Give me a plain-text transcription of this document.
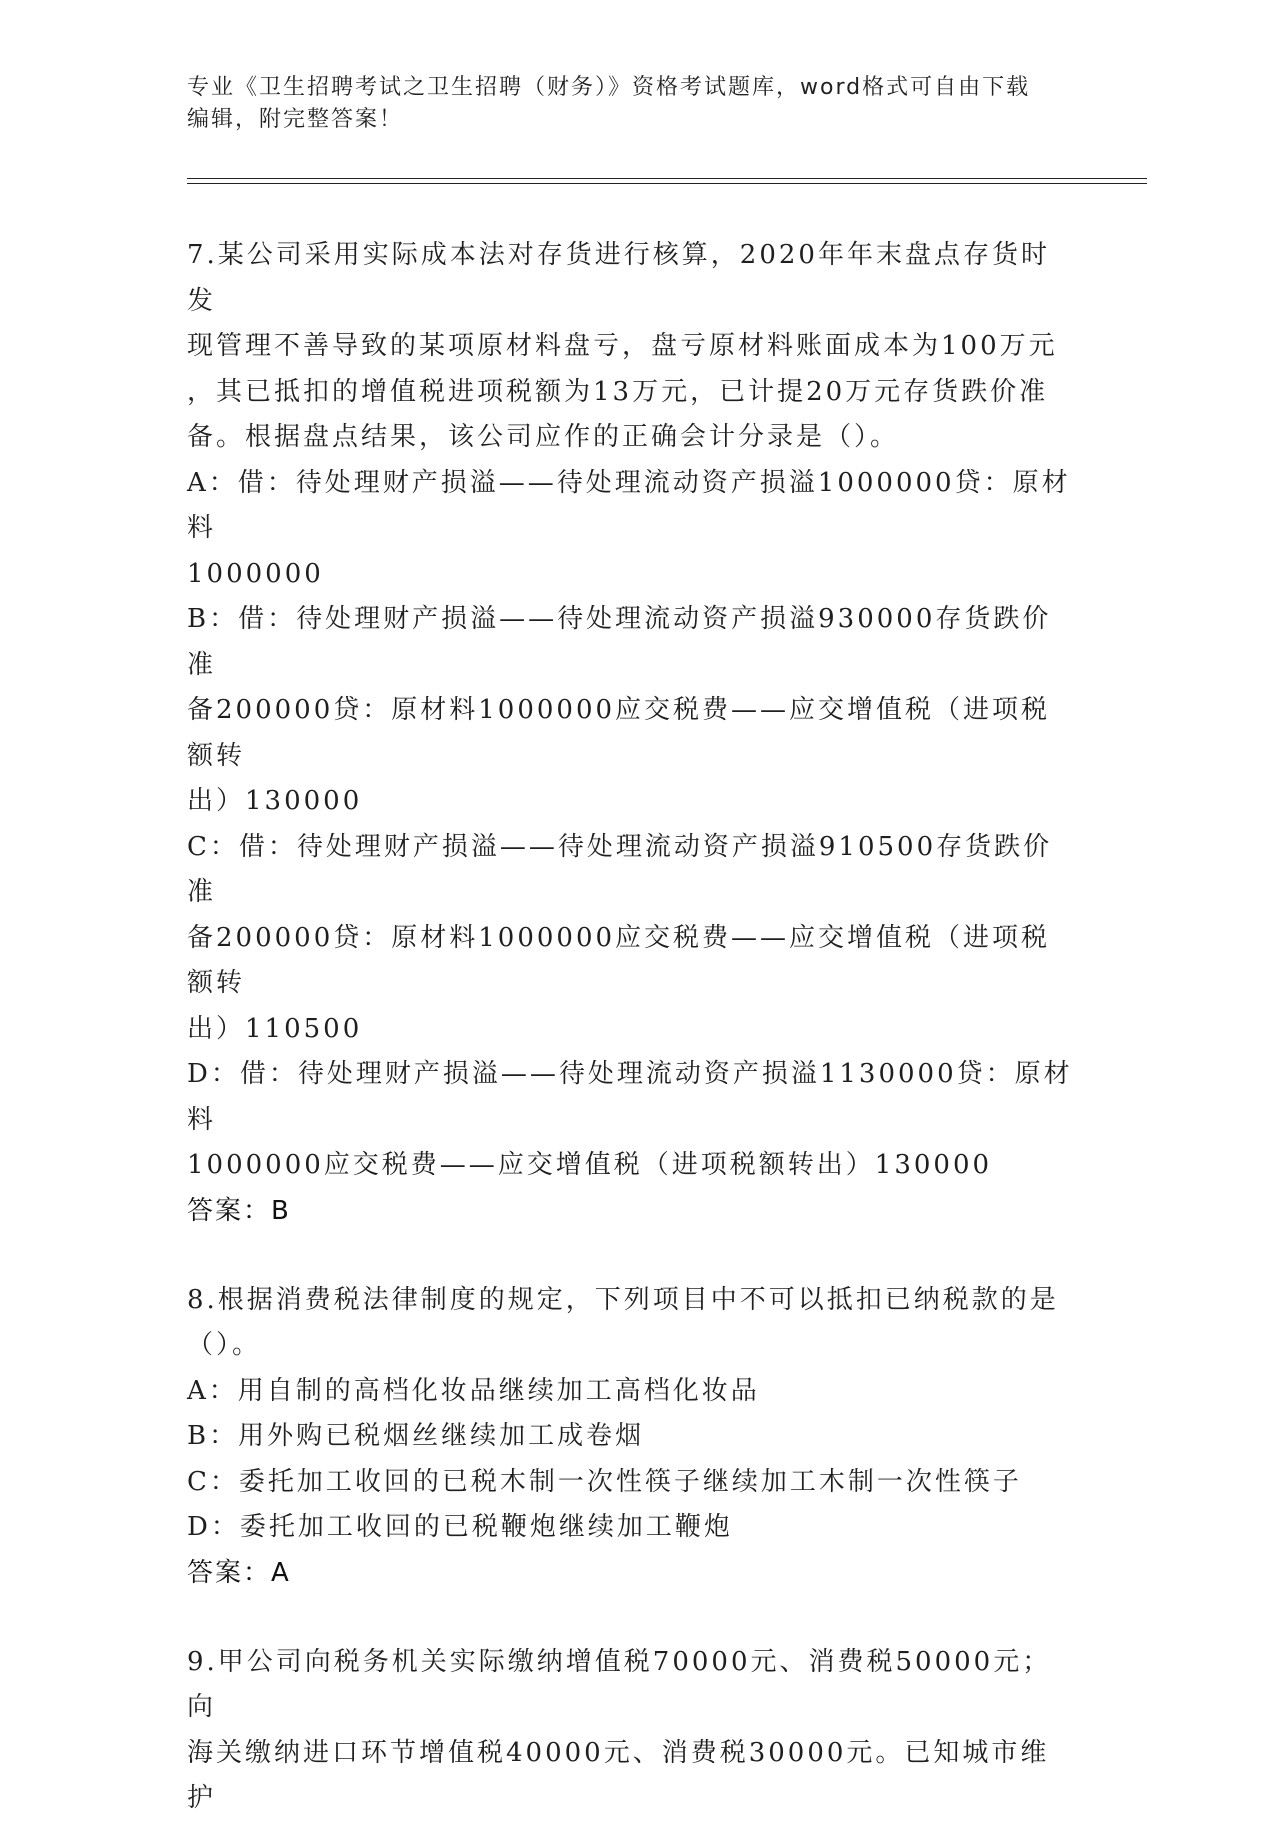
专业《卫生招聘考试之卫生招聘（财务）》资格考试题库，word格式可自由下载
编辑，附完整答案！

7.某公司采用实际成本法对存货进行核算，2020年年末盘点存货时发
现管理不善导致的某项原材料盘亏，盘亏原材料账面成本为100万元
，其已抵扣的增值税进项税额为13万元，已计提20万元存货跌价准
备。根据盘点结果，该公司应作的正确会计分录是（）。

A：借：待处理财产损溢——待处理流动资产损溢1000000贷：原材料
1000000

B：借：待处理财产损溢——待处理流动资产损溢930000存货跌价准
备200000贷：原材料1000000应交税费——应交增值税（进项税额转
出）130000

C：借：待处理财产损溢——待处理流动资产损溢910500存货跌价准
备200000贷：原材料1000000应交税费——应交增值税（进项税额转
出）110500

D：借：待处理财产损溢——待处理流动资产损溢1130000贷：原材料
1000000应交税费——应交增值税（进项税额转出）130000

答案：B

8.根据消费税法律制度的规定，下列项目中不可以抵扣已纳税款的是
（）。

A：用自制的高档化妆品继续加工高档化妆品

B：用外购已税烟丝继续加工成卷烟

C：委托加工收回的已税木制一次性筷子继续加工木制一次性筷子

D：委托加工收回的已税鞭炮继续加工鞭炮

答案：A

9.甲公司向税务机关实际缴纳增值税70000元、消费税50000元；向
海关缴纳进口环节增值税40000元、消费税30000元。已知城市维护
